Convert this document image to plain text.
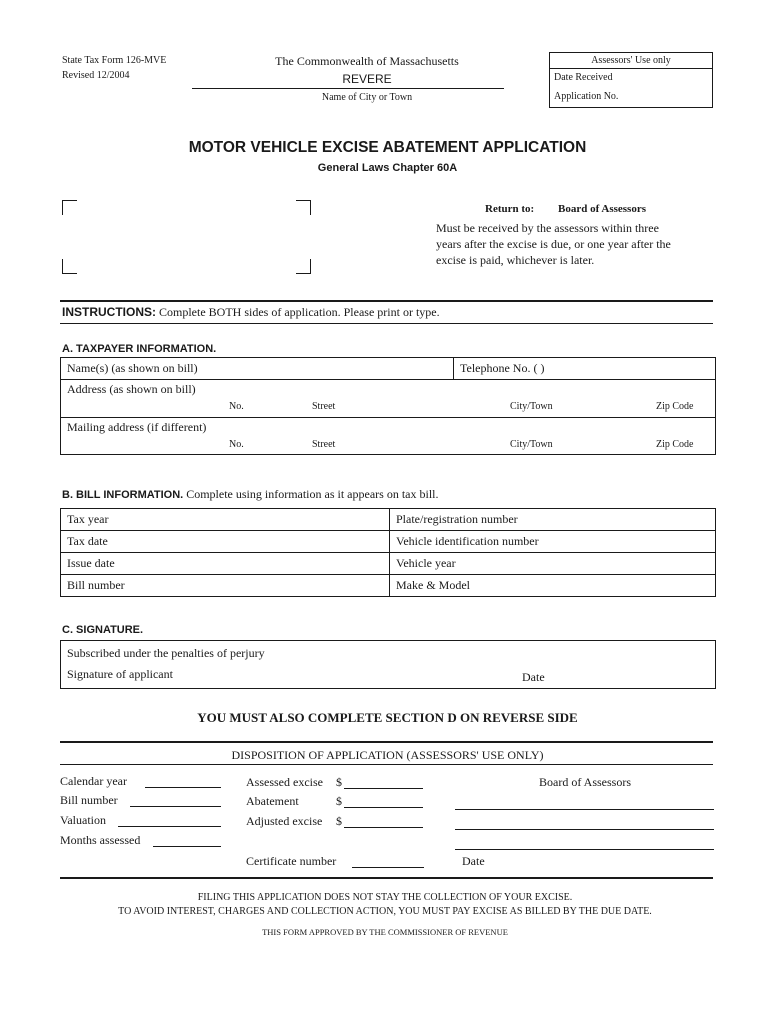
State Tax Form 126-MVE
Revised 12/2004
The Commonwealth of Massachusetts
REVERE
Name of City or Town
Assessors' Use only
Date Received
Application No.
MOTOR VEHICLE EXCISE ABATEMENT APPLICATION
General Laws Chapter 60A
Return to: Board of Assessors
Must be received by the assessors within three
years after the excise is due, or one year after the
excise is paid, whichever is later.
INSTRUCTIONS: Complete BOTH sides of application. Please print or type.
A. TAXPAYER INFORMATION.
Name(s) (as shown on bill)	Telephone No. ( )
Address (as shown on bill)
No.	Street	City/Town	Zip Code
Mailing address (if different)
No.	Street	City/Town	Zip Code
B. BILL INFORMATION. Complete using information as it appears on tax bill.
Tax year	Plate/registration number
Tax date	Vehicle identification number
Issue date	Vehicle year
Bill number	Make & Model
C. SIGNATURE.
Subscribed under the penalties of perjury
Signature of applicant	Date
YOU MUST ALSO COMPLETE SECTION D ON REVERSE SIDE
DISPOSITION OF APPLICATION (ASSESSORS' USE ONLY)
Calendar year
Bill number
Valuation
Months assessed
Assessed excise $
Abatement	$
Adjusted excise $
Certificate number
Board of Assessors
Date
FILING THIS APPLICATION DOES NOT STAY THE COLLECTION OF YOUR EXCISE.
TO AVOID INTEREST, CHARGES AND COLLECTION ACTION, YOU MUST PAY EXCISE AS BILLED BY THE DUE DATE.
THIS FORM APPROVED BY THE COMMISSIONER OF REVENUE
